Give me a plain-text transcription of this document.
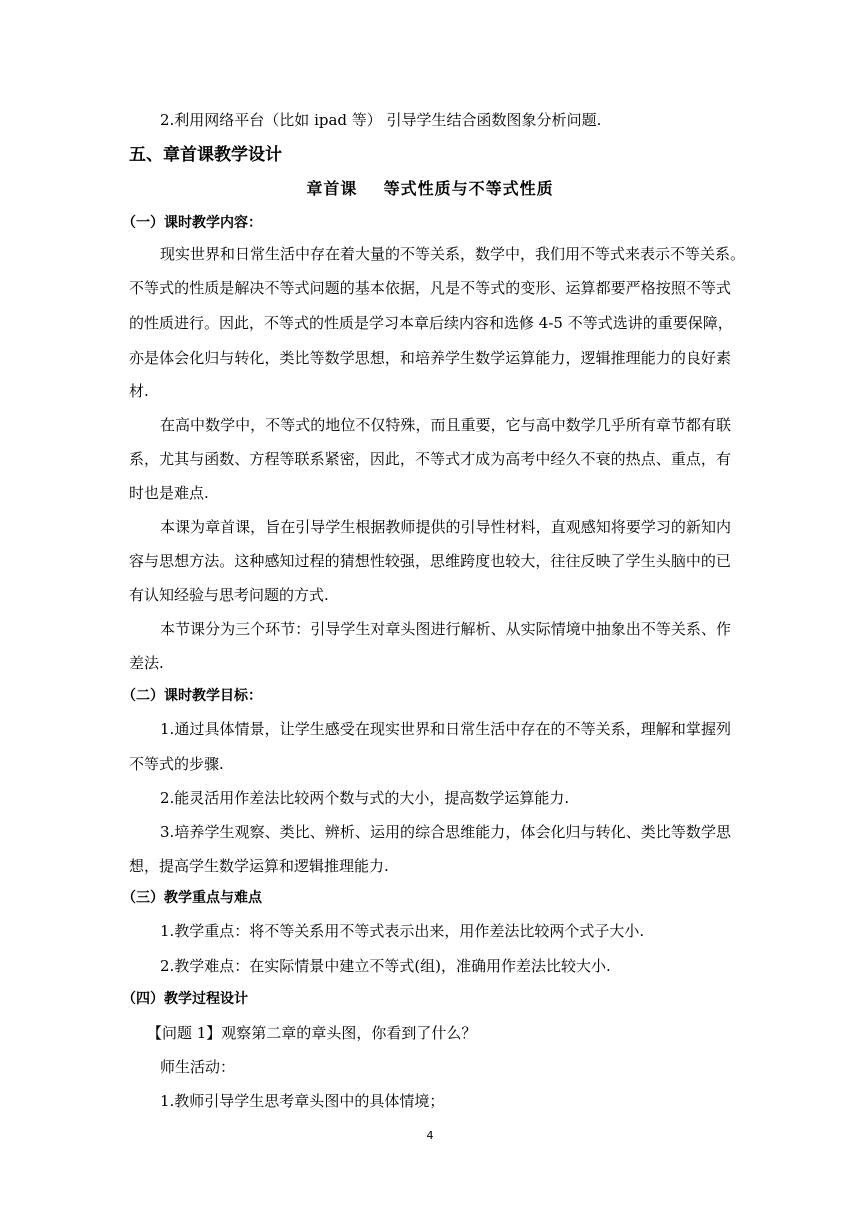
2.利用网络平台（比如 ipad 等） 引导学生结合函数图象分析问题.
五、章首课教学设计
章首课    等式性质与不等式性质
（一）课时教学内容：
现实世界和日常生活中存在着大量的不等关系，数学中，我们用不等式来表示不等关系。
不等式的性质是解决不等式问题的基本依据，凡是不等式的变形、运算都要严格按照不等式
的性质进行。因此，不等式的性质是学习本章后续内容和选修 4-5 不等式选讲的重要保障，
亦是体会化归与转化，类比等数学思想，和培养学生数学运算能力，逻辑推理能力的良好素
材.
在高中数学中，不等式的地位不仅特殊，而且重要，它与高中数学几乎所有章节都有联
系，尤其与函数、方程等联系紧密，因此，不等式才成为高考中经久不衰的热点、重点，有
时也是难点.
本课为章首课，旨在引导学生根据教师提供的引导性材料，直观感知将要学习的新知内
容与思想方法。这种感知过程的猜想性较强，思维跨度也较大，往往反映了学生头脑中的已
有认知经验与思考问题的方式.
本节课分为三个环节：引导学生对章头图进行解析、从实际情境中抽象出不等关系、作
差法.
（二）课时教学目标：
1.通过具体情景，让学生感受在现实世界和日常生活中存在的不等关系，理解和掌握列
不等式的步骤.
2.能灵活用作差法比较两个数与式的大小，提高数学运算能力.
3.培养学生观察、类比、辨析、运用的综合思维能力，体会化归与转化、类比等数学思
想，提高学生数学运算和逻辑推理能力.
（三）教学重点与难点
1.教学重点：将不等关系用不等式表示出来，用作差法比较两个式子大小.
2.教学难点：在实际情景中建立不等式(组)，准确用作差法比较大小.
（四）教学过程设计
【问题 1】观察第二章的章头图，你看到了什么？
师生活动：
1.教师引导学生思考章头图中的具体情境；
4
